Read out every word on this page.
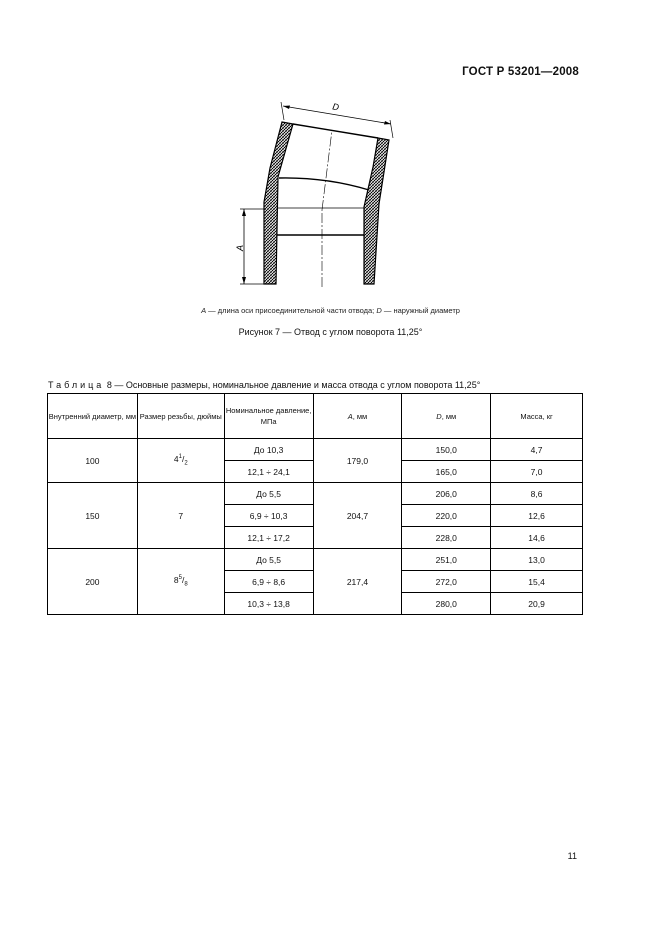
ГОСТ Р 53201—2008
D
A
A — длина оси присоединительной части отвода; D — наружный диаметр
Рисунок 7 — Отвод с углом поворота 11,25°
Таблица 8 — Основные размеры, номинальное давление и масса отвода с углом поворота 11,25°
Внутренний диаметр, мм	Размер резьбы, дюймы	Номинальное давление, МПа	A, мм	D, мм	Масса, кг
100	$4^1/_2$	До 10,3	179,0	150,0	4,7
		12,1 ÷ 24,1		165,0	7,0
150	7	До 5,5	204,7	206,0	8,6
		6,9 ÷ 10,3		220,0	12,6
		12,1 ÷ 17,2		228,0	14,6
200	$8^5/_8$	До 5,5	217,4	251,0	13,0
		6,9 ÷ 8,6		272,0	15,4
		10,3 ÷ 13,8		280,0	20,9
11
